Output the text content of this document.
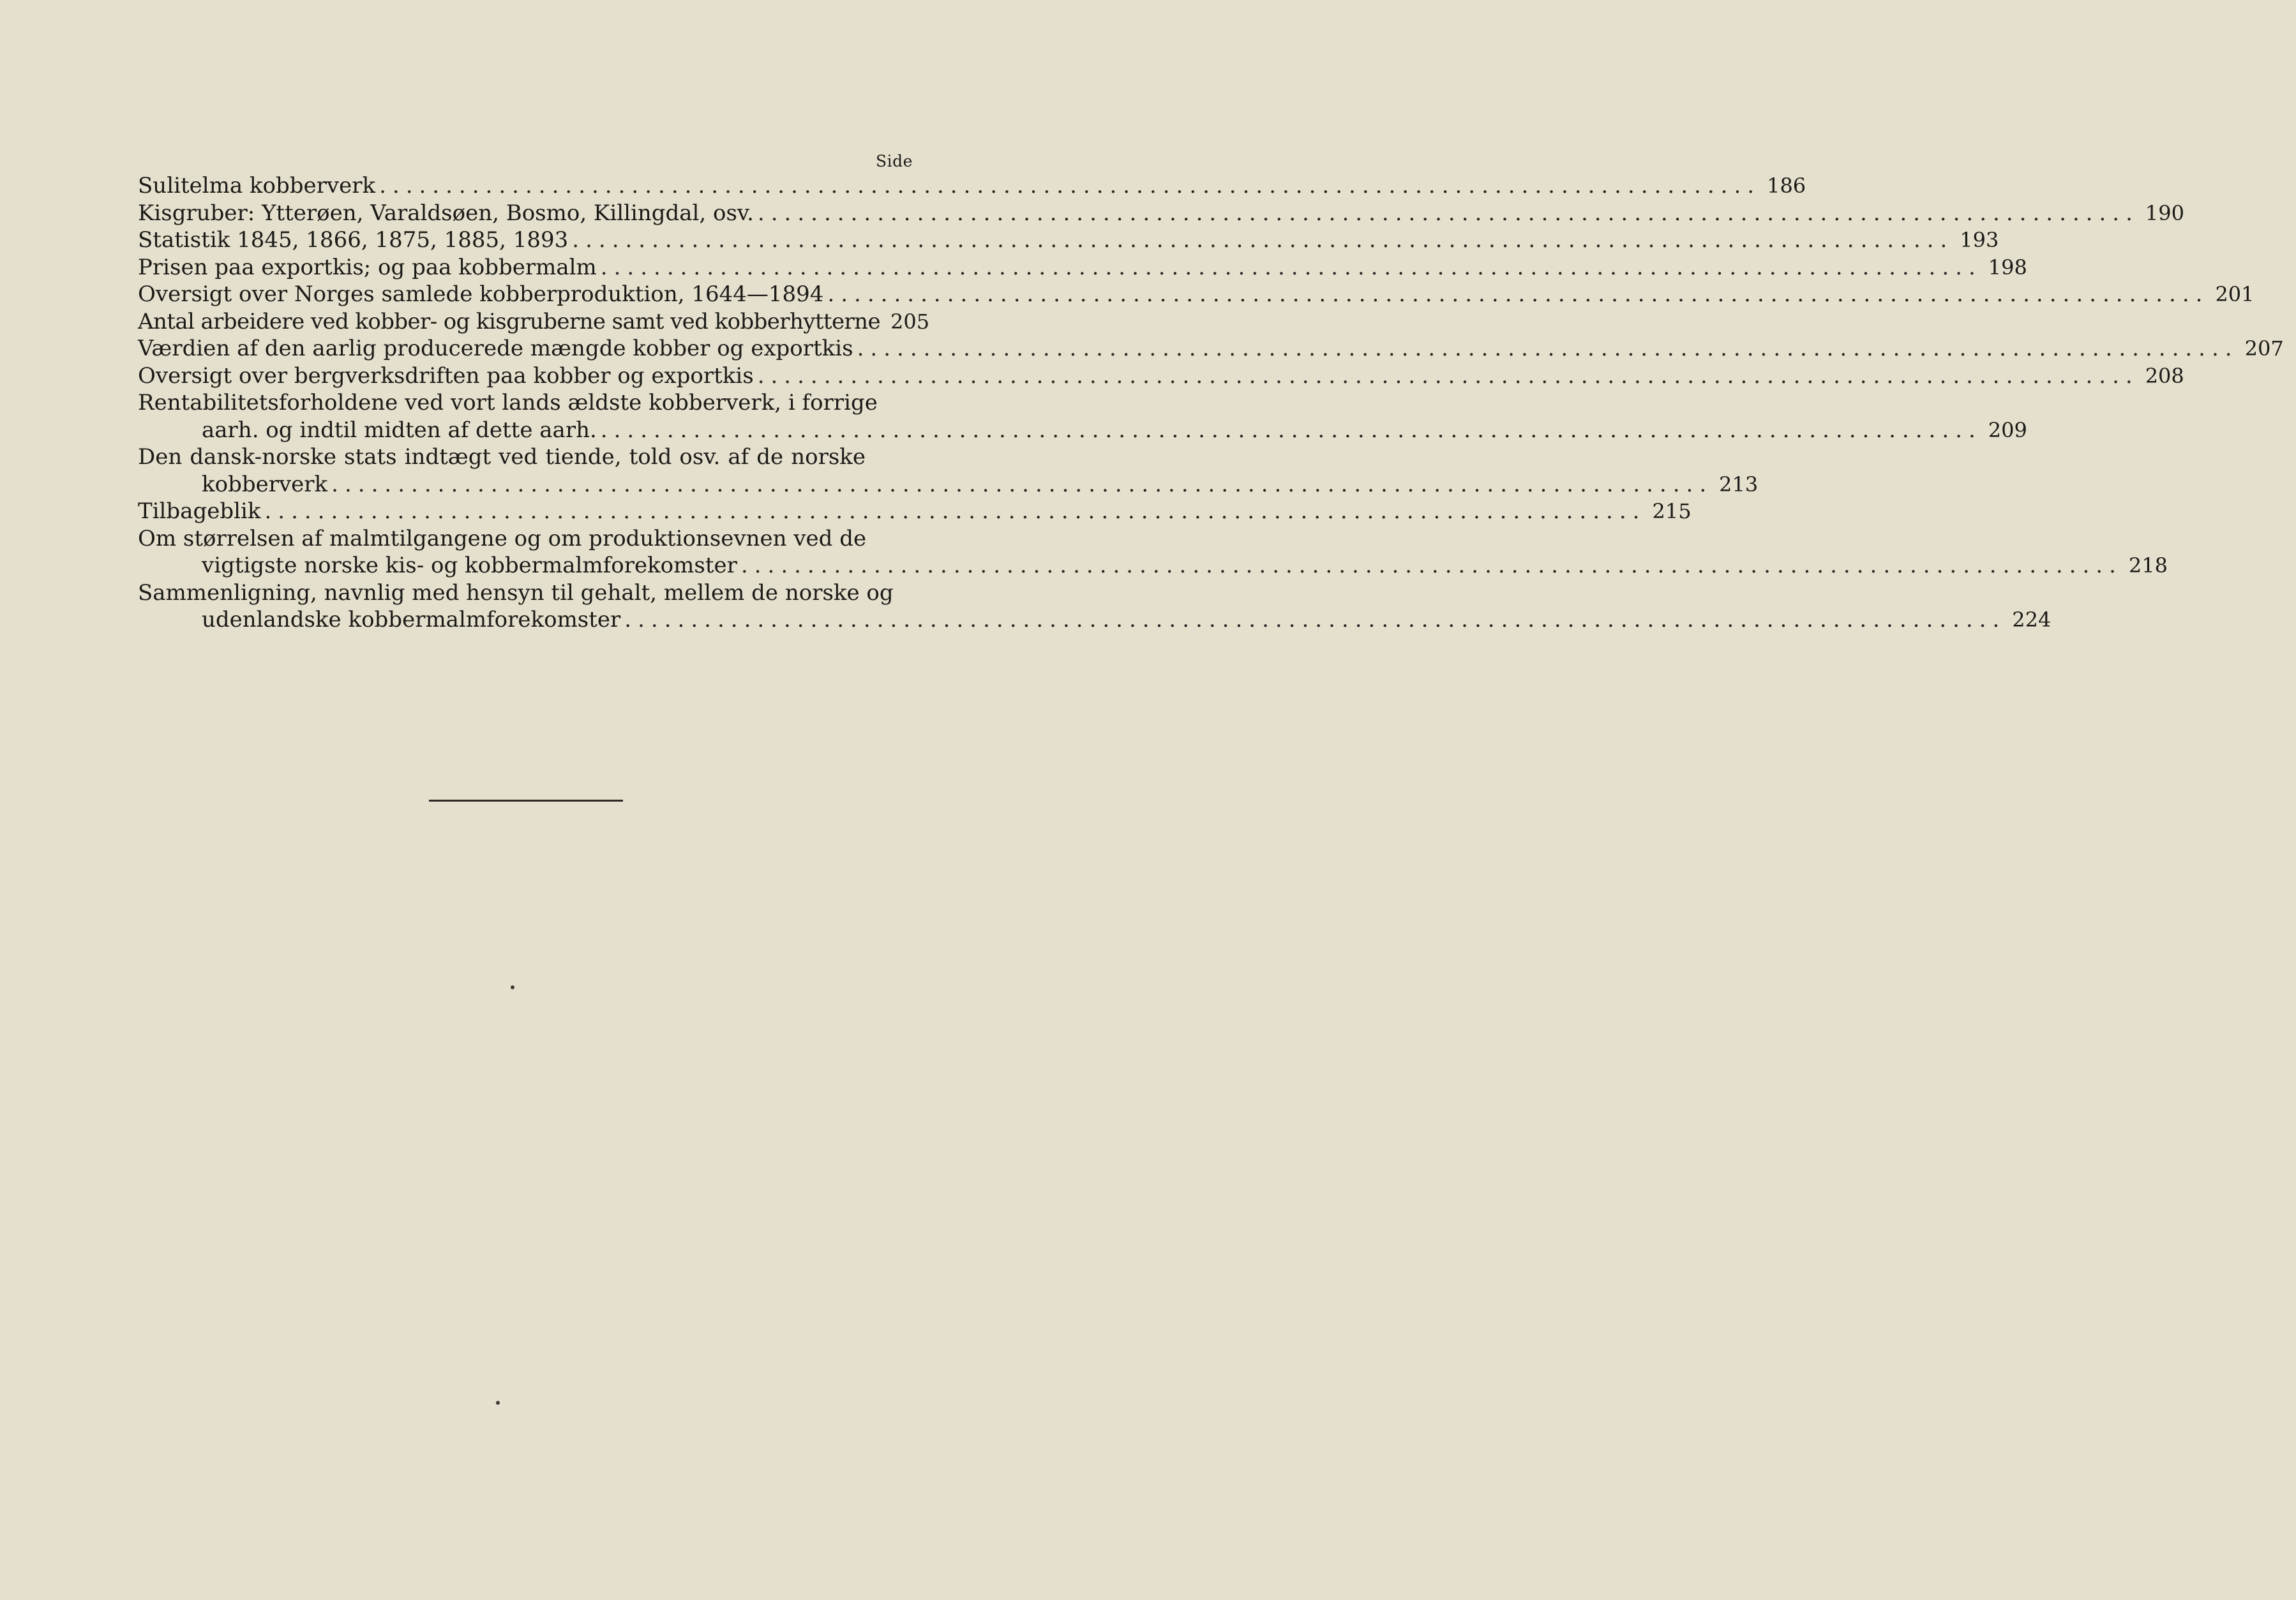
Side
Sulitelma kobberverk ........................................................................................................ 186
Kisgruber: Ytterøen, Varaldsøen, Bosmo, Killingdal, osv. ........................................................................................................ 190
Statistik 1845, 1866, 1875, 1885, 1893 ........................................................................................................ 193
Prisen paa exportkis; og paa kobbermalm ........................................................................................................ 198
Oversigt over Norges samlede kobberproduktion, 1644—1894 ........................................................................................................ 201
Antal arbeidere ved kobber- og kisgruberne samt ved kobberhytterne 205
Værdien af den aarlig producerede mængde kobber og exportkis ........................................................................................................ 207
Oversigt over bergverksdriften paa kobber og exportkis ........................................................................................................ 208
Rentabilitetsforholdene ved vort lands ældste kobberverk, i forrige
aarh. og indtil midten af dette aarh. ........................................................................................................ 209
Den dansk-norske stats indtægt ved tiende, told osv. af de norske
kobberverk ........................................................................................................ 213
Tilbageblik ........................................................................................................ 215
Om størrelsen af malmtilgangene og om produktionsevnen ved de
vigtigste norske kis- og kobbermalmforekomster ........................................................................................................ 218
Sammenligning, navnlig med hensyn til gehalt, mellem de norske og
udenlandske kobbermalmforekomster ........................................................................................................ 224
